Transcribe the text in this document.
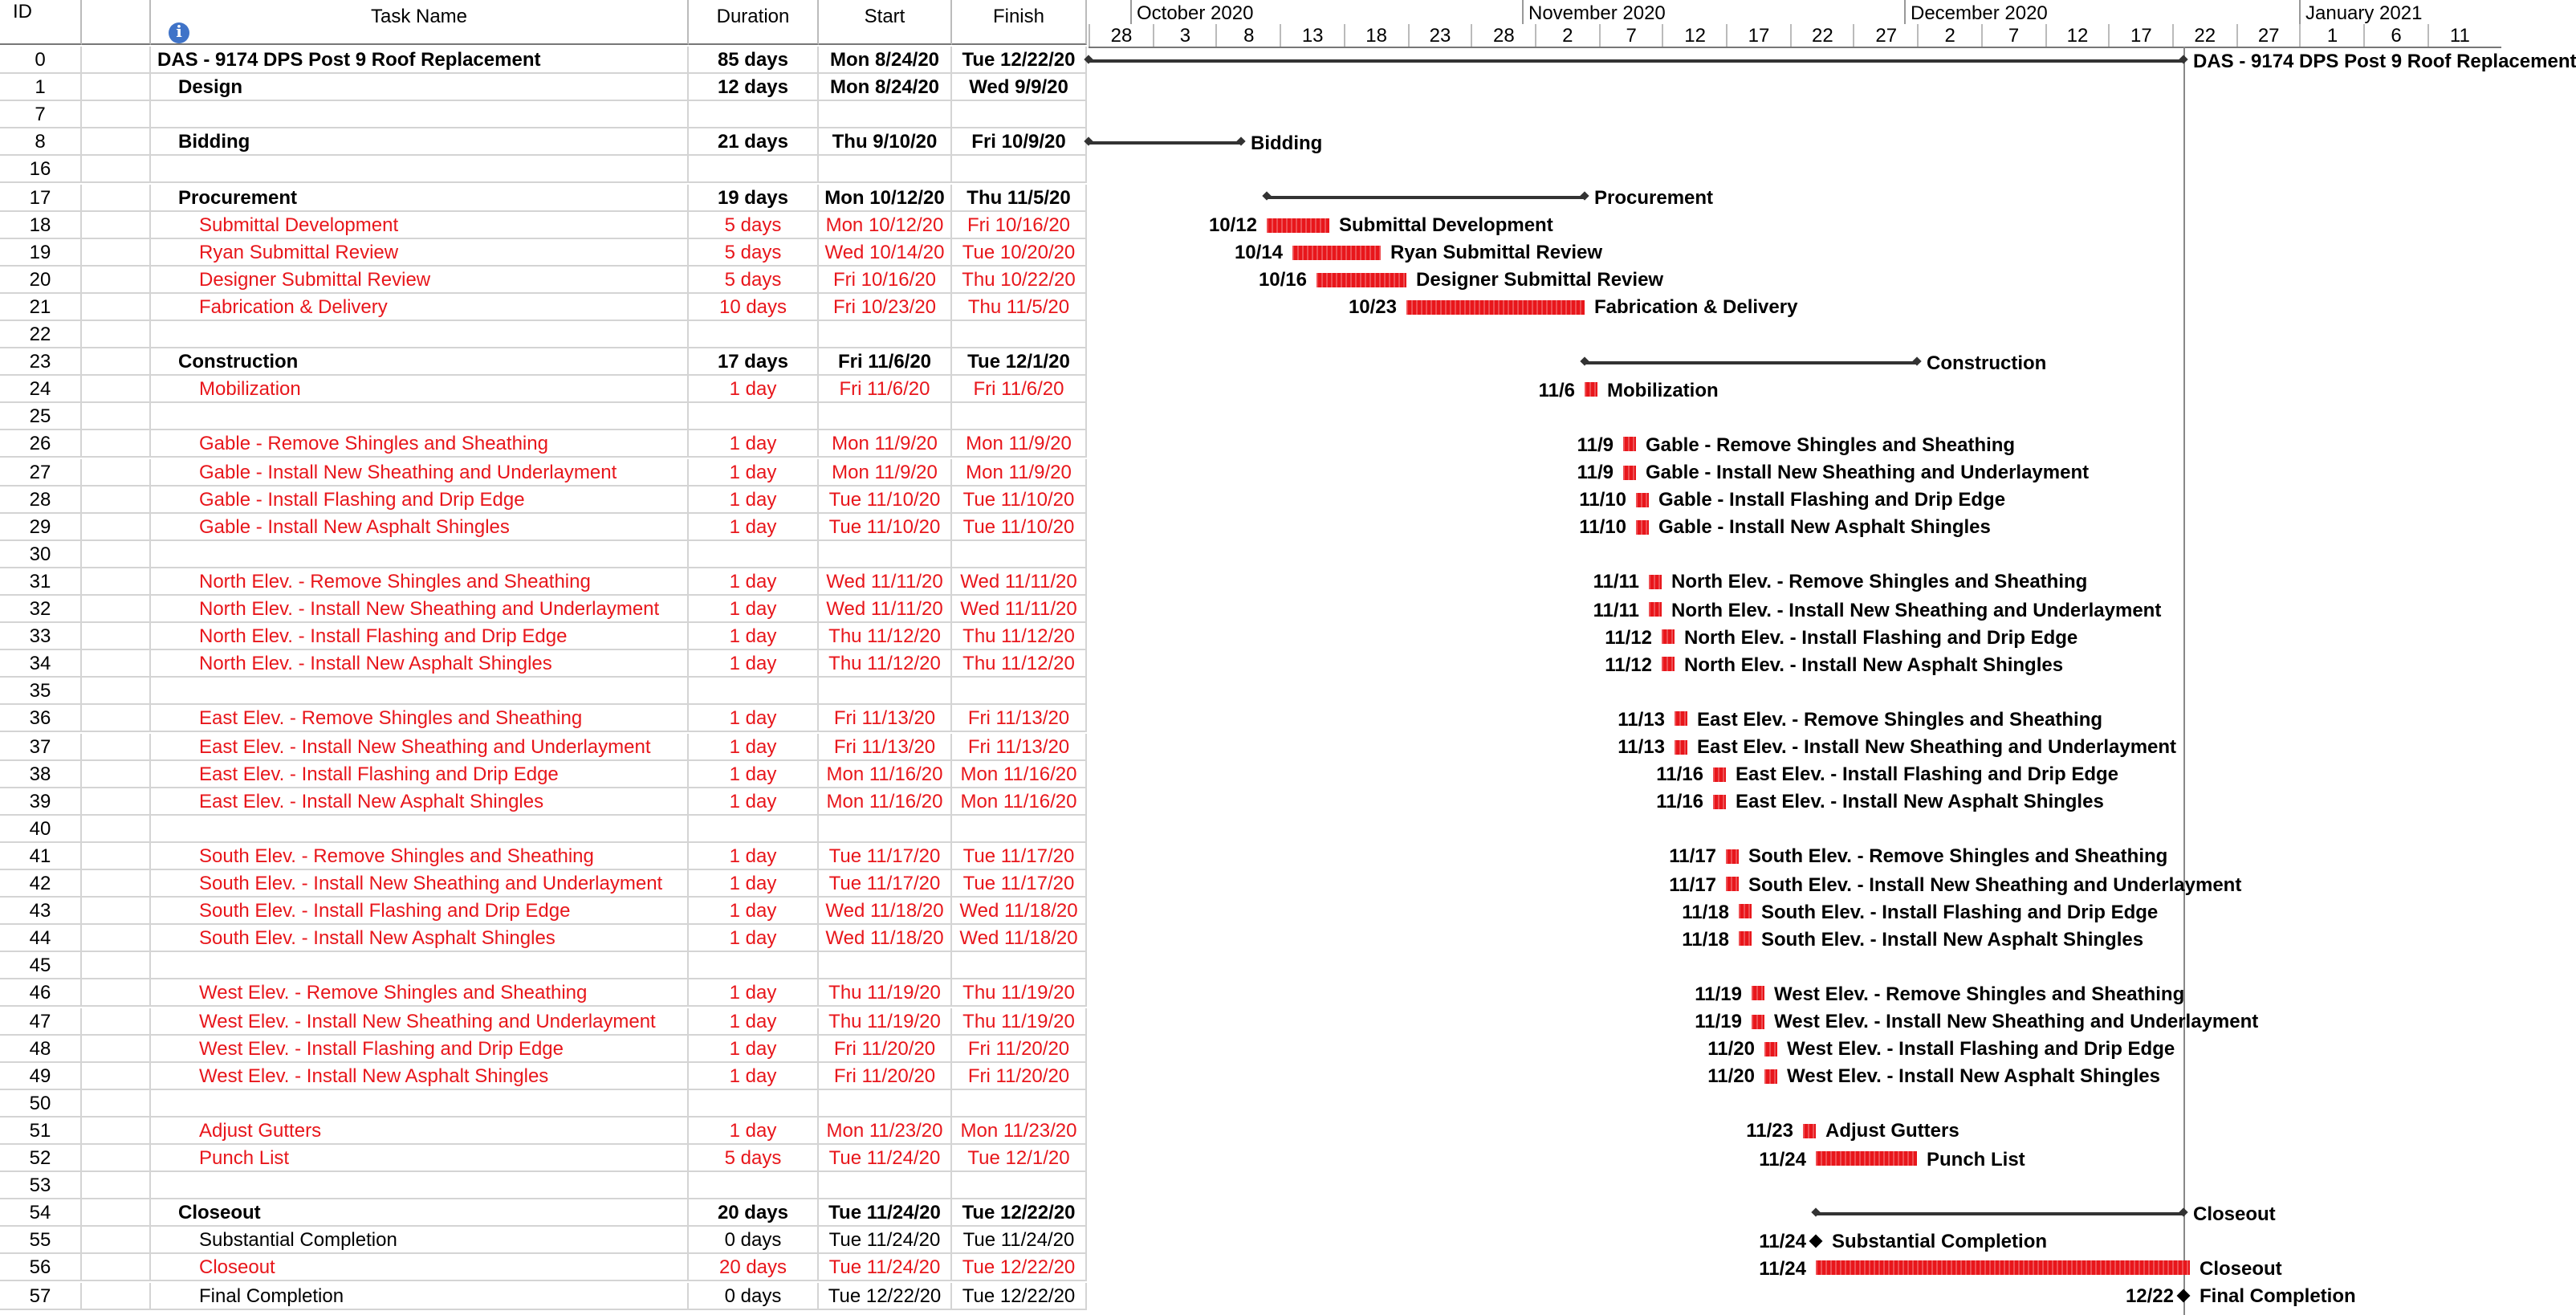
ID
i
Task Name	Duration	Start	Finish
0	DAS - 9174 DPS Post 9 Roof Replacement	85 days	Mon 8/24/20	Tue 12/22/20
1	Design	12 days	Mon 8/24/20	Wed 9/9/20
7
8	Bidding	21 days	Thu 9/10/20	Fri 10/9/20
16
17	Procurement	19 days	Mon 10/12/20	Thu 11/5/20
18	Submittal Development	5 days	Mon 10/12/20	Fri 10/16/20
19	Ryan Submittal Review	5 days	Wed 10/14/20	Tue 10/20/20
20	Designer Submittal Review	5 days	Fri 10/16/20	Thu 10/22/20
21	Fabrication & Delivery	10 days	Fri 10/23/20	Thu 11/5/20
22
23	Construction	17 days	Fri 11/6/20	Tue 12/1/20
24	Mobilization	1 day	Fri 11/6/20	Fri 11/6/20
25
26	Gable - Remove Shingles and Sheathing	1 day	Mon 11/9/20	Mon 11/9/20
27	Gable - Install New Sheathing and Underlayment	1 day	Mon 11/9/20	Mon 11/9/20
28	Gable - Install Flashing and Drip Edge	1 day	Tue 11/10/20	Tue 11/10/20
29	Gable - Install New Asphalt Shingles	1 day	Tue 11/10/20	Tue 11/10/20
30
31	North Elev. - Remove Shingles and Sheathing	1 day	Wed 11/11/20	Wed 11/11/20
32	North Elev. - Install New Sheathing and Underlayment	1 day	Wed 11/11/20	Wed 11/11/20
33	North Elev. - Install Flashing and Drip Edge	1 day	Thu 11/12/20	Thu 11/12/20
34	North Elev. - Install New Asphalt Shingles	1 day	Thu 11/12/20	Thu 11/12/20
35
36	East Elev. - Remove Shingles and Sheathing	1 day	Fri 11/13/20	Fri 11/13/20
37	East Elev. - Install New Sheathing and Underlayment	1 day	Fri 11/13/20	Fri 11/13/20
38	East Elev. - Install Flashing and Drip Edge	1 day	Mon 11/16/20	Mon 11/16/20
39	East Elev. - Install New Asphalt Shingles	1 day	Mon 11/16/20	Mon 11/16/20
40
41	South Elev. - Remove Shingles and Sheathing	1 day	Tue 11/17/20	Tue 11/17/20
42	South Elev. - Install New Sheathing and Underlayment	1 day	Tue 11/17/20	Tue 11/17/20
43	South Elev. - Install Flashing and Drip Edge	1 day	Wed 11/18/20	Wed 11/18/20
44	South Elev. - Install New Asphalt Shingles	1 day	Wed 11/18/20	Wed 11/18/20
45
46	West Elev. - Remove Shingles and Sheathing	1 day	Thu 11/19/20	Thu 11/19/20
47	West Elev. - Install New Sheathing and Underlayment	1 day	Thu 11/19/20	Thu 11/19/20
48	West Elev. - Install Flashing and Drip Edge	1 day	Fri 11/20/20	Fri 11/20/20
49	West Elev. - Install New Asphalt Shingles	1 day	Fri 11/20/20	Fri 11/20/20
50
51	Adjust Gutters	1 day	Mon 11/23/20	Mon 11/23/20
52	Punch List	5 days	Tue 11/24/20	Tue 12/1/20
53
54	Closeout	20 days	Tue 11/24/20	Tue 12/22/20
55	Substantial Completion	0 days	Tue 11/24/20	Tue 11/24/20
56	Closeout	20 days	Tue 11/24/20	Tue 12/22/20
57	Final Completion	0 days	Tue 12/22/20	Tue 12/22/20
October 2020	November 2020	December 2020	January 2021
28	3	8	13	18	23	28	2	7	12	17	22	27	2	7	12	17	22	27	1	6	11
DAS - 9174 DPS Post 9 Roof Replacement
Bidding
Procurement
10/12	Submittal Development
10/14	Ryan Submittal Review
10/16	Designer Submittal Review
10/23	Fabrication & Delivery
Construction
11/6	Mobilization
11/9	Gable - Remove Shingles and Sheathing
11/9	Gable - Install New Sheathing and Underlayment
11/10	Gable - Install Flashing and Drip Edge
11/10	Gable - Install New Asphalt Shingles
11/11	North Elev. - Remove Shingles and Sheathing
11/11	North Elev. - Install New Sheathing and Underlayment
11/12	North Elev. - Install Flashing and Drip Edge
11/12	North Elev. - Install New Asphalt Shingles
11/13	East Elev. - Remove Shingles and Sheathing
11/13	East Elev. - Install New Sheathing and Underlayment
11/16	East Elev. - Install Flashing and Drip Edge
11/16	East Elev. - Install New Asphalt Shingles
11/17	South Elev. - Remove Shingles and Sheathing
11/17	South Elev. - Install New Sheathing and Underlayment
11/18	South Elev. - Install Flashing and Drip Edge
11/18	South Elev. - Install New Asphalt Shingles
11/19	West Elev. - Remove Shingles and Sheathing
11/19	West Elev. - Install New Sheathing and Underlayment
11/20	West Elev. - Install Flashing and Drip Edge
11/20	West Elev. - Install New Asphalt Shingles
11/23	Adjust Gutters
11/24	Punch List
Closeout
11/24	Substantial Completion
11/24	Closeout
12/22	Final Completion
